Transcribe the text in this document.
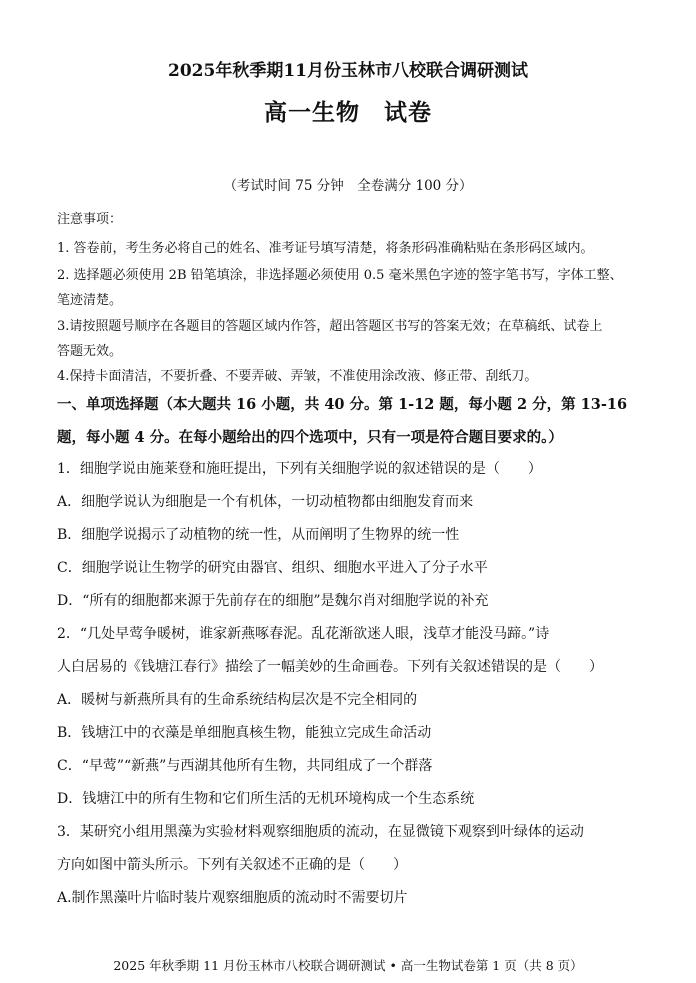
2025年秋季期11月份玉林市八校联合调研测试
高一生物　试卷
（考试时间 75 分钟　全卷满分 100 分）
注意事项：
1. 答卷前，考生务必将自己的姓名、准考证号填写清楚，将条形码准确粘贴在条形码区域内。
2. 选择题必须使用 2B 铅笔填涂，非选择题必须使用 0.5 毫米黑色字迹的签字笔书写，字体工整、
笔迹清楚。
3.请按照题号顺序在各题目的答题区域内作答，超出答题区书写的答案无效；在草稿纸、试卷上
答题无效。
4.保持卡面清洁，不要折叠、不要弄破、弄皱，不准使用涂改液、修正带、刮纸刀。
一、单项选择题（本大题共 16 小题，共 40 分。第 1-12 题，每小题 2 分，第 13-16
题，每小题 4 分。在每小题给出的四个选项中，只有一项是符合题目要求的。）
1．细胞学说由施莱登和施旺提出，下列有关细胞学说的叙述错误的是（　　）
A．细胞学说认为细胞是一个有机体，一切动植物都由细胞发育而来
B．细胞学说揭示了动植物的统一性，从而阐明了生物界的统一性
C．细胞学说让生物学的研究由器官、组织、细胞水平进入了分子水平
D．“所有的细胞都来源于先前存在的细胞”是魏尔肖对细胞学说的补充
2．“几处早莺争暖树，谁家新燕啄春泥。乱花渐欲迷人眼，浅草才能没马蹄。”诗
人白居易的《钱塘江春行》描绘了一幅美妙的生命画卷。下列有关叙述错误的是（　　）
A．暖树与新燕所具有的生命系统结构层次是不完全相同的
B．钱塘江中的衣藻是单细胞真核生物，能独立完成生命活动
C．“早莺”“新燕”与西湖其他所有生物，共同组成了一个群落
D．钱塘江中的所有生物和它们所生活的无机环境构成一个生态系统
3．某研究小组用黑藻为实验材料观察细胞质的流动，在显微镜下观察到叶绿体的运动
方向如图中箭头所示。下列有关叙述不正确的是（　　）
A.制作黑藻叶片临时装片观察细胞质的流动时不需要切片
2025 年秋季期 11 月份玉林市八校联合调研测试 • 高一生物试卷第 1 页（共 8 页）
